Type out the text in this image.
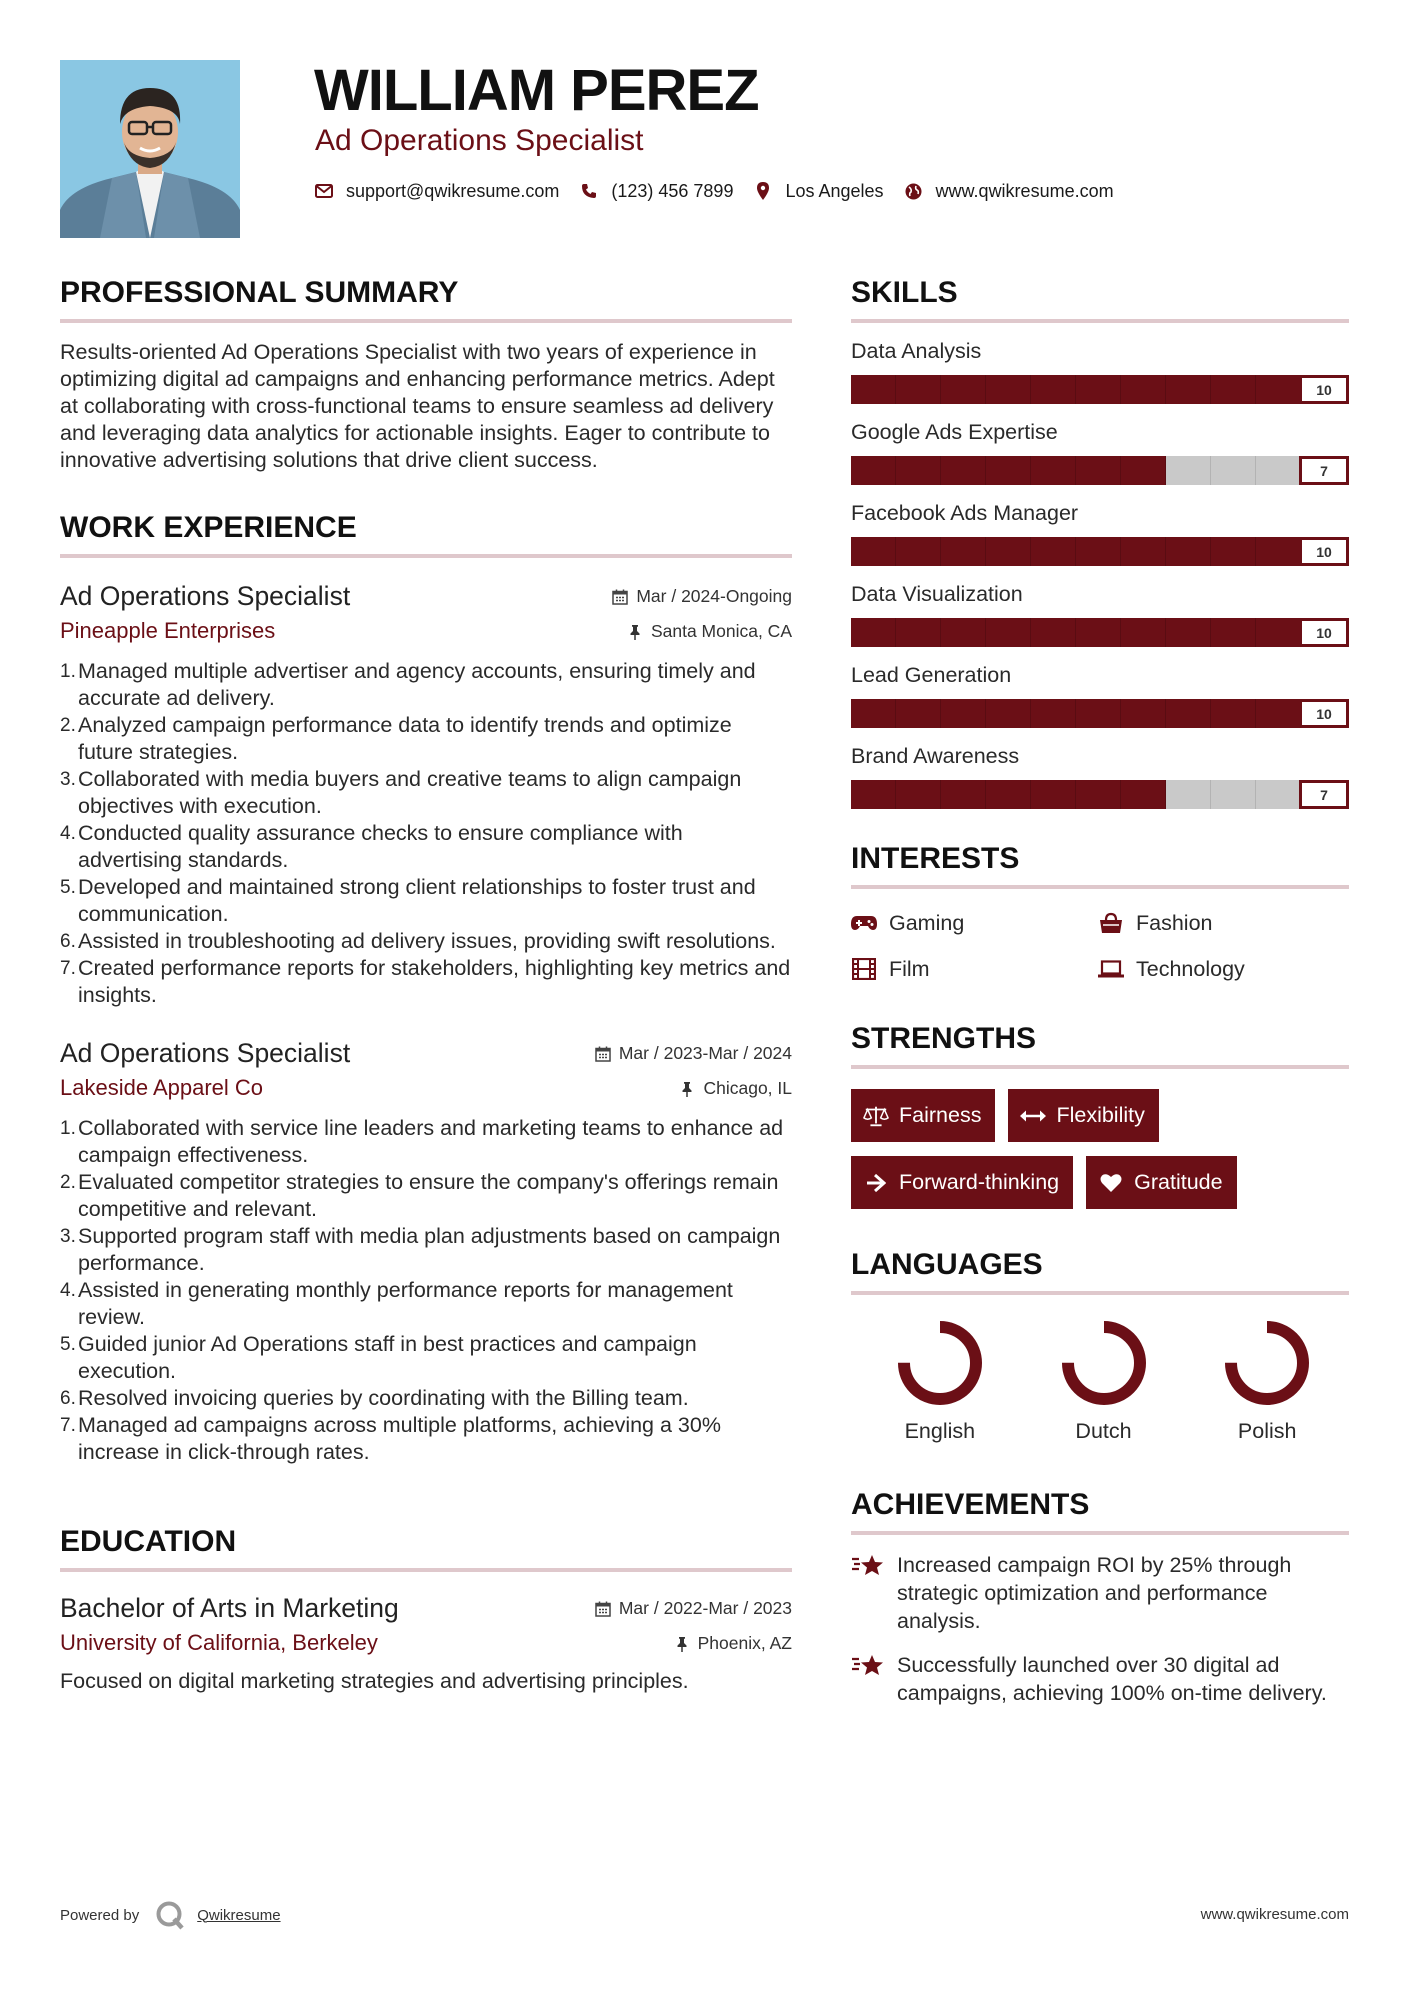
WILLIAM PEREZ
Ad Operations Specialist
support@qwikresume.com	(123) 456 7899	Los Angeles	www.qwikresume.com
PROFESSIONAL SUMMARY
Results-oriented Ad Operations Specialist with two years of experience in optimizing digital ad campaigns and enhancing performance metrics. Adept at collaborating with cross-functional teams to ensure seamless ad delivery and leveraging data analytics for actionable insights. Eager to contribute to innovative advertising solutions that drive client success.
WORK EXPERIENCE
Ad Operations Specialist	Mar / 2024-Ongoing
Pineapple Enterprises	Santa Monica, CA
1. Managed multiple advertiser and agency accounts, ensuring timely and accurate ad delivery.
2. Analyzed campaign performance data to identify trends and optimize future strategies.
3. Collaborated with media buyers and creative teams to align campaign objectives with execution.
4. Conducted quality assurance checks to ensure compliance with advertising standards.
5. Developed and maintained strong client relationships to foster trust and communication.
6. Assisted in troubleshooting ad delivery issues, providing swift resolutions.
7. Created performance reports for stakeholders, highlighting key metrics and insights.
Ad Operations Specialist	Mar / 2023-Mar / 2024
Lakeside Apparel Co	Chicago, IL
1. Collaborated with service line leaders and marketing teams to enhance ad campaign effectiveness.
2. Evaluated competitor strategies to ensure the company's offerings remain competitive and relevant.
3. Supported program staff with media plan adjustments based on campaign performance.
4. Assisted in generating monthly performance reports for management review.
5. Guided junior Ad Operations staff in best practices and campaign execution.
6. Resolved invoicing queries by coordinating with the Billing team.
7. Managed ad campaigns across multiple platforms, achieving a 30% increase in click-through rates.
EDUCATION
Bachelor of Arts in Marketing	Mar / 2022-Mar / 2023
University of California, Berkeley	Phoenix, AZ
Focused on digital marketing strategies and advertising principles.
SKILLS
Data Analysis
10
Google Ads Expertise
7
Facebook Ads Manager
10
Data Visualization
10
Lead Generation
10
Brand Awareness
7
INTERESTS
Gaming	Fashion
Film	Technology
STRENGTHS
Fairness	Flexibility
Forward-thinking	Gratitude
LANGUAGES
English	Dutch	Polish
ACHIEVEMENTS
Increased campaign ROI by 25% through strategic optimization and performance analysis.
Successfully launched over 30 digital ad campaigns, achieving 100% on-time delivery.
Powered by	Qwikresume	www.qwikresume.com
